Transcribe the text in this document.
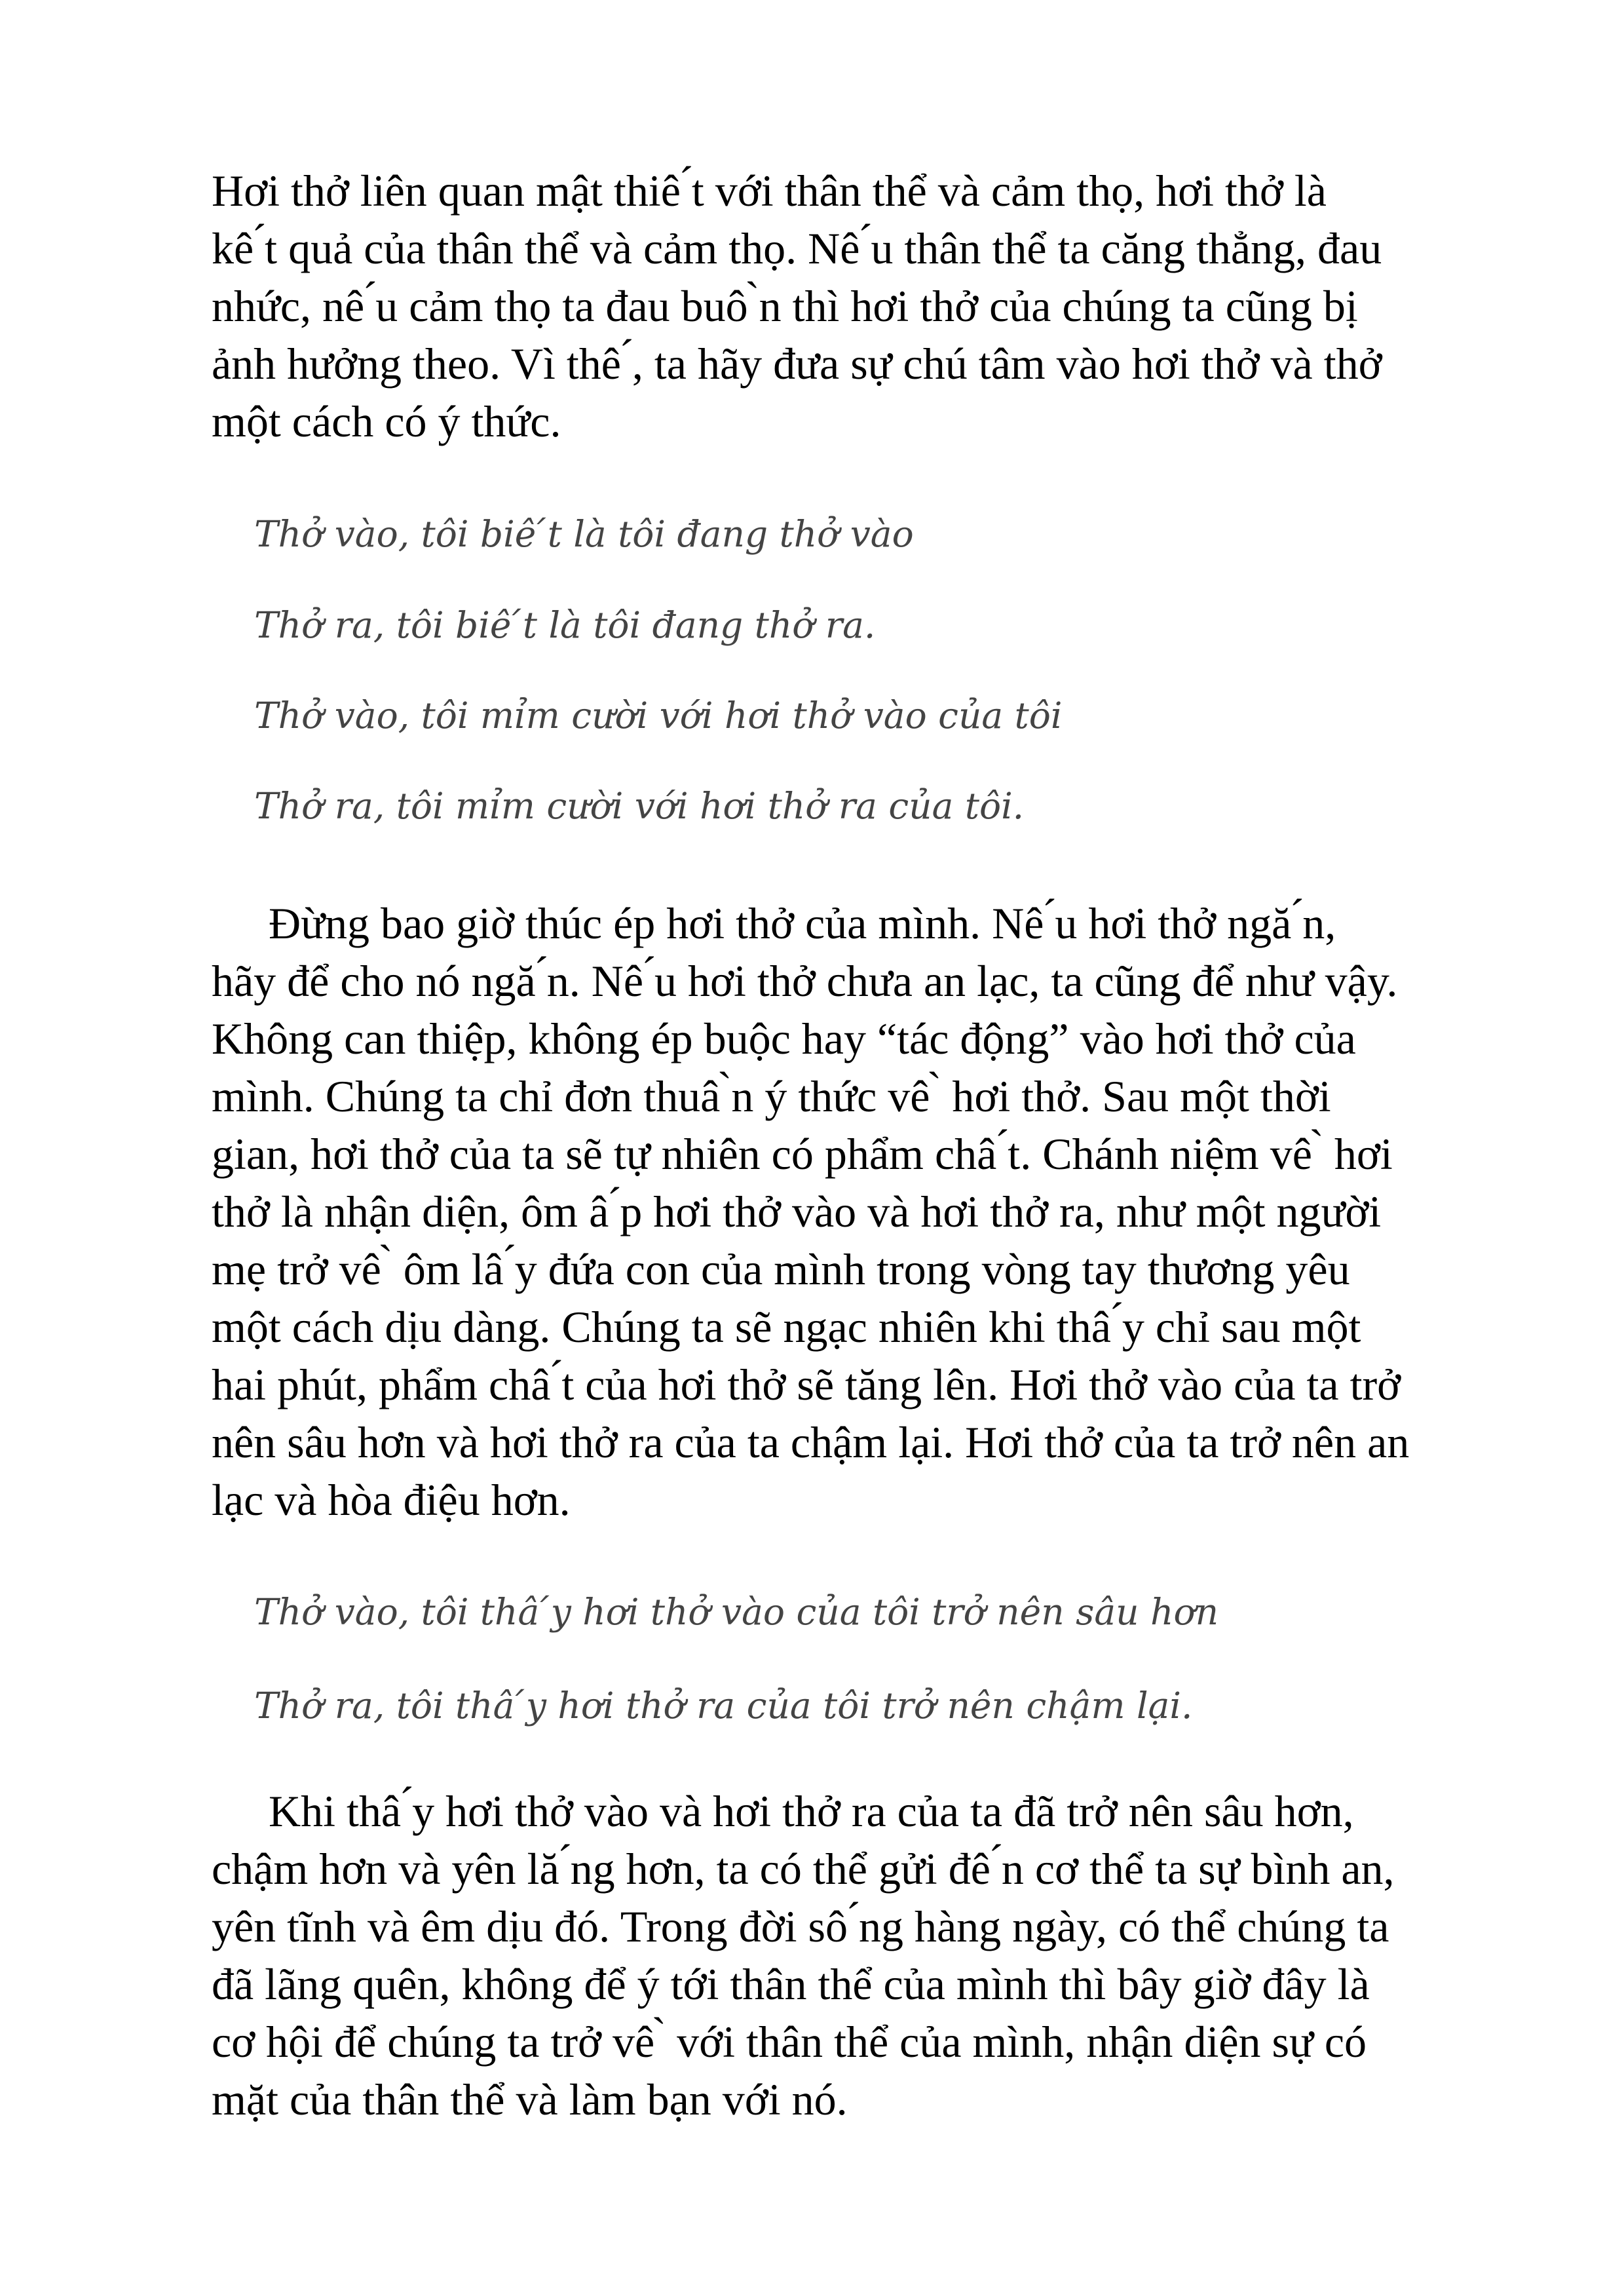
Hơi thở liên quan mật thiê ́t với thân thể và cảm thọ, hơi thở là

kê ́t quả của thân thể và cảm thọ. Nê ́u thân thể ta căng thẳng, đau

nhức, nê ́u cảm thọ ta đau buô ̀n thì hơi thở của chúng ta cũng bị

ảnh hưởng theo. Vì thê ́, ta hãy đưa sự chú tâm vào hơi thở và thở

một cách có ý thức.

Thở vào, tôi biê ́t là tôi đang thở vào

Thở ra, tôi biê ́t là tôi đang thở ra.

Thở vào, tôi mỉm cười với hơi thở vào của tôi

Thở ra, tôi mỉm cười với hơi thở ra của tôi.

Đừng bao giờ thúc ép hơi thở của mình. Nê ́u hơi thở ngă ́n,

hãy để cho nó ngă ́n. Nê ́u hơi thở chưa an lạc, ta cũng để như vậy.

Không can thiệp, không ép buộc hay “tác động” vào hơi thở của

mình. Chúng ta chỉ đơn thuâ ̀n ý thức vê ̀ hơi thở. Sau một thời

gian, hơi thở của ta sẽ tự nhiên có phẩm châ ́t. Chánh niệm vê ̀ hơi

thở là nhận diện, ôm â ́p hơi thở vào và hơi thở ra, như một người

mẹ trở vê ̀ ôm lâ ́y đứa con của mình trong vòng tay thương yêu

một cách dịu dàng. Chúng ta sẽ ngạc nhiên khi thâ ́y chỉ sau một

hai phút, phẩm châ ́t của hơi thở sẽ tăng lên. Hơi thở vào của ta trở

nên sâu hơn và hơi thở ra của ta chậm lại. Hơi thở của ta trở nên an

lạc và hòa điệu hơn.

Thở vào, tôi thâ ́y hơi thở vào của tôi trở nên sâu hơn

Thở ra, tôi thâ ́y hơi thở ra của tôi trở nên chậm lại.

Khi thâ ́y hơi thở vào và hơi thở ra của ta đã trở nên sâu hơn,

chậm hơn và yên lă ́ng hơn, ta có thể gửi đê ́n cơ thể ta sự bình an,

yên tĩnh và êm dịu đó. Trong đời sô ́ng hàng ngày, có thể chúng ta

đã lãng quên, không để ý tới thân thể của mình thì bây giờ đây là

cơ hội để chúng ta trở vê ̀ với thân thể của mình, nhận diện sự có

mặt của thân thể và làm bạn với nó.
